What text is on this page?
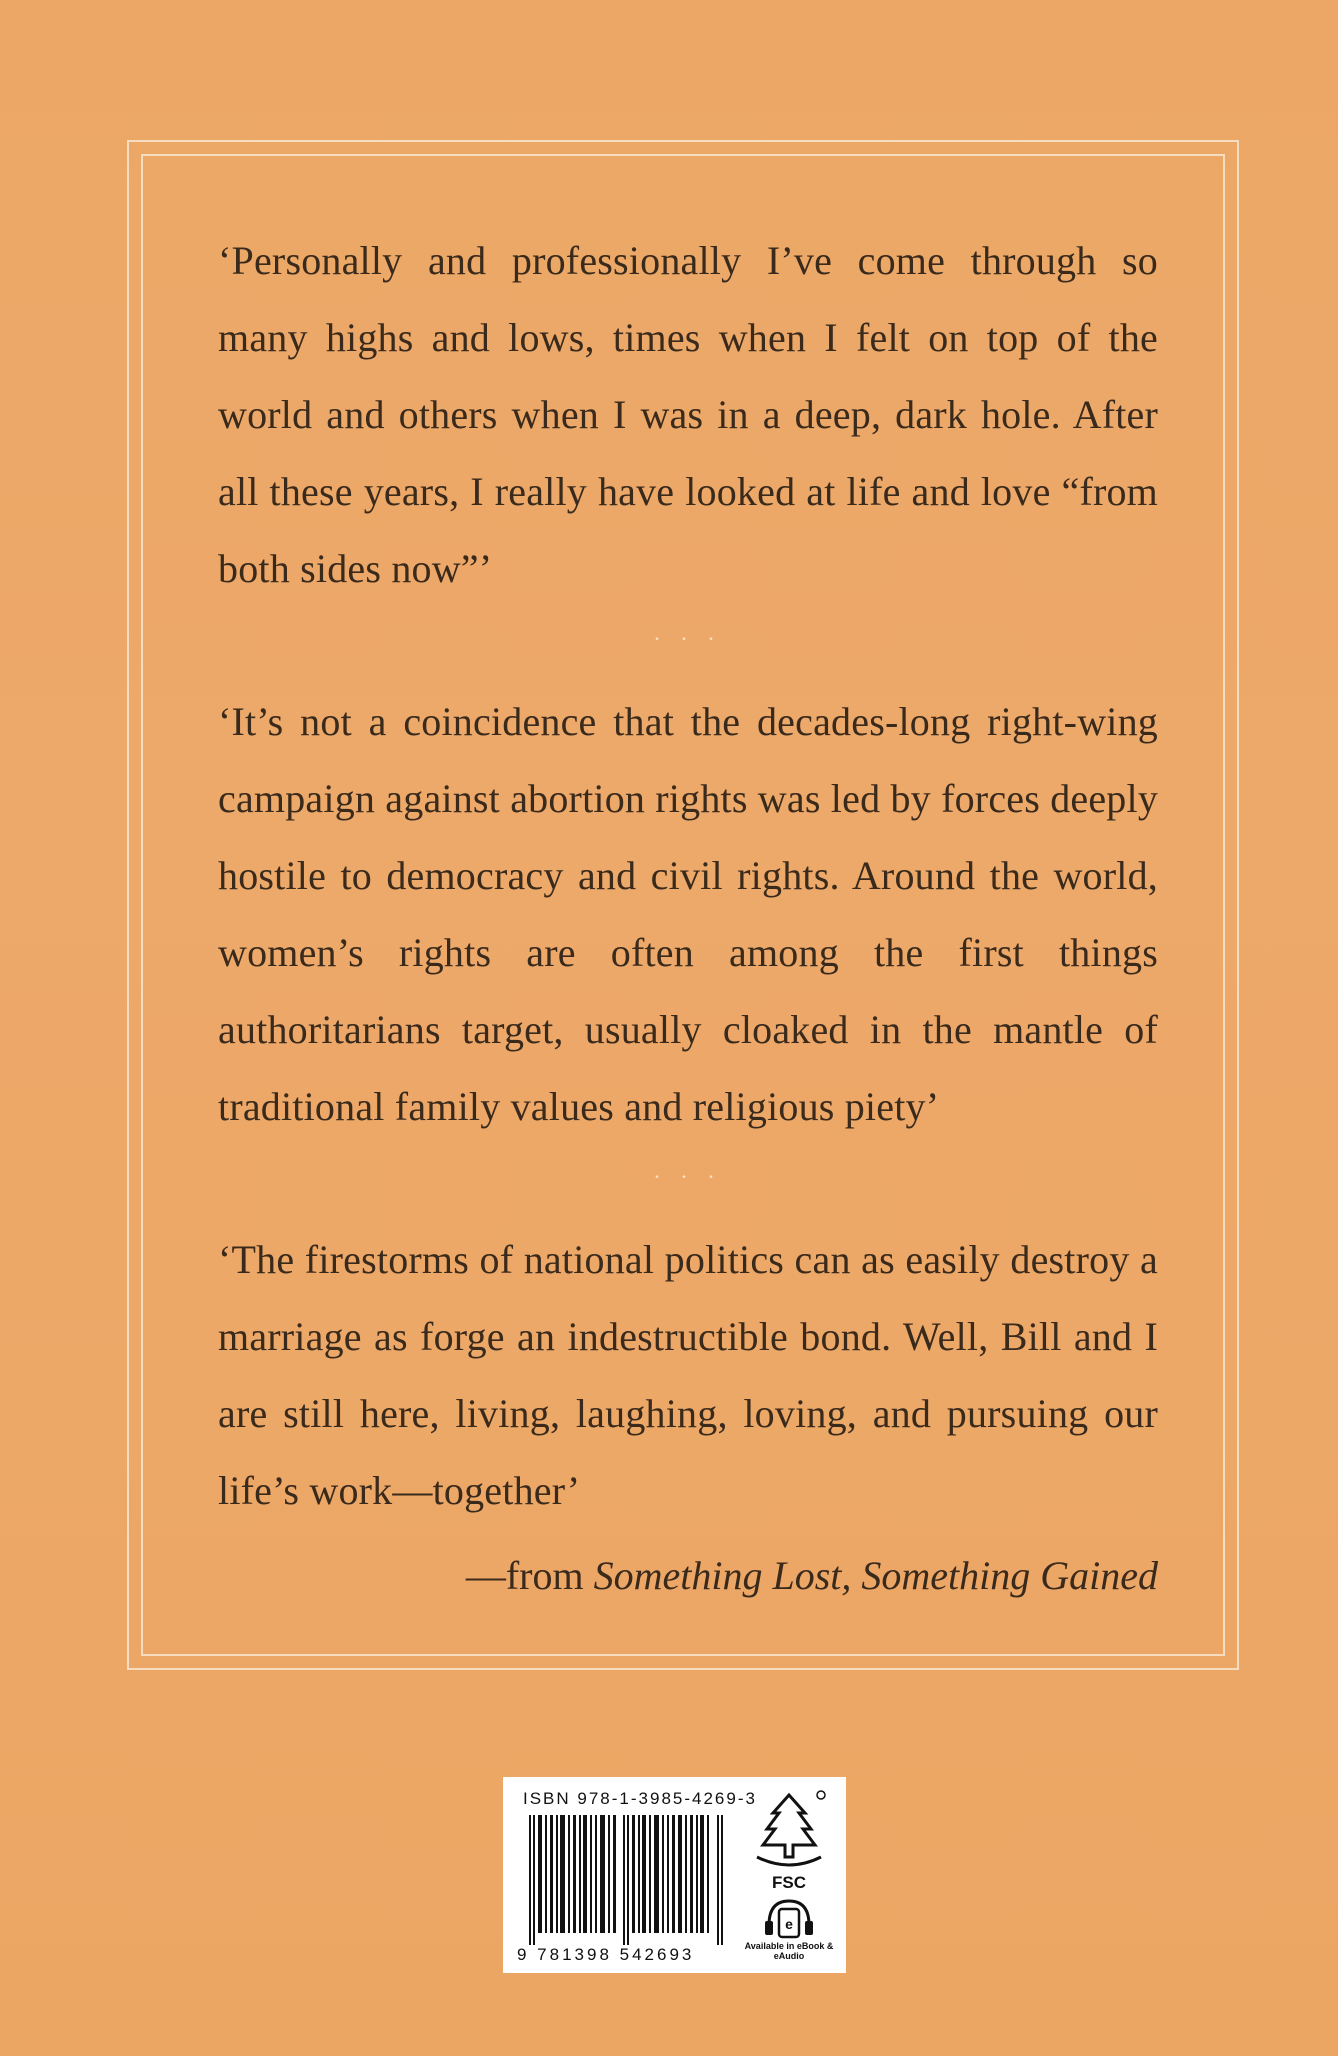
‘Personally and professionally I’ve come through so many highs and lows, times when I felt on top of the world and others when I was in a deep, dark hole. After all these years, I really have looked at life and love “from both sides now”’

. . .

‘It’s not a coincidence that the decades-long right-wing campaign against abortion rights was led by forces deeply hostile to democracy and civil rights. Around the world, women’s rights are often among the first things authoritarians target, usually cloaked in the mantle of traditional family values and religious piety’

. . .

‘The firestorms of national politics can as easily destroy a marriage as forge an indestructible bond. Well, Bill and I are still here, living, laughing, loving, and pursuing our life’s work—together’

—from Something Lost, Something Gained
ISBN 978-1-3985-4269-3
9 781398 542693
FSC
e
Available in eBook & eAudio
